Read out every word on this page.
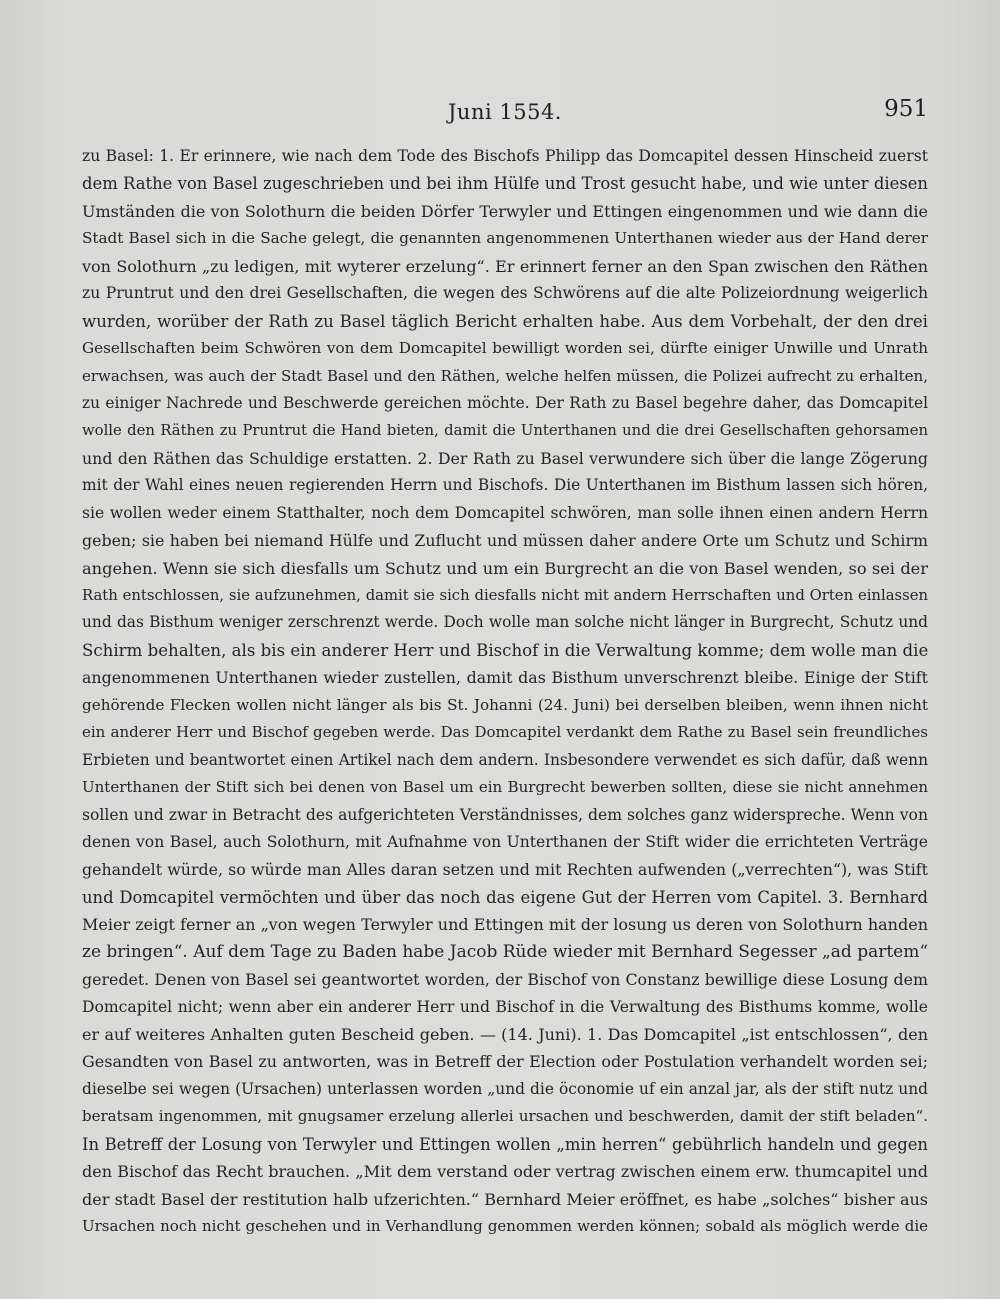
Juni 1554.	951
zu Basel: 1. Er erinnere, wie nach dem Tode des Bischofs Philipp das Domcapitel dessen Hinscheid zuerst
dem Rathe von Basel zugeschrieben und bei ihm Hülfe und Trost gesucht habe, und wie unter diesen
Umständen die von Solothurn die beiden Dörfer Terwyler und Ettingen eingenommen und wie dann die
Stadt Basel sich in die Sache gelegt, die genannten angenommenen Unterthanen wieder aus der Hand derer
von Solothurn „zu ledigen, mit wyterer erzelung“. Er erinnert ferner an den Span zwischen den Räthen
zu Pruntrut und den drei Gesellschaften, die wegen des Schwörens auf die alte Polizeiordnung weigerlich
wurden, worüber der Rath zu Basel täglich Bericht erhalten habe. Aus dem Vorbehalt, der den drei
Gesellschaften beim Schwören von dem Domcapitel bewilligt worden sei, dürfte einiger Unwille und Unrath
erwachsen, was auch der Stadt Basel und den Räthen, welche helfen müssen, die Polizei aufrecht zu erhalten,
zu einiger Nachrede und Beschwerde gereichen möchte. Der Rath zu Basel begehre daher, das Domcapitel
wolle den Räthen zu Pruntrut die Hand bieten, damit die Unterthanen und die drei Gesellschaften gehorsamen
und den Räthen das Schuldige erstatten. 2. Der Rath zu Basel verwundere sich über die lange Zögerung
mit der Wahl eines neuen regierenden Herrn und Bischofs. Die Unterthanen im Bisthum lassen sich hören,
sie wollen weder einem Statthalter, noch dem Domcapitel schwören, man solle ihnen einen andern Herrn
geben; sie haben bei niemand Hülfe und Zuflucht und müssen daher andere Orte um Schutz und Schirm
angehen. Wenn sie sich diesfalls um Schutz und um ein Burgrecht an die von Basel wenden, so sei der
Rath entschlossen, sie aufzunehmen, damit sie sich diesfalls nicht mit andern Herrschaften und Orten einlassen
und das Bisthum weniger zerschrenzt werde. Doch wolle man solche nicht länger in Burgrecht, Schutz und
Schirm behalten, als bis ein anderer Herr und Bischof in die Verwaltung komme; dem wolle man die
angenommenen Unterthanen wieder zustellen, damit das Bisthum unverschrenzt bleibe. Einige der Stift
gehörende Flecken wollen nicht länger als bis St. Johanni (24. Juni) bei derselben bleiben, wenn ihnen nicht
ein anderer Herr und Bischof gegeben werde. Das Domcapitel verdankt dem Rathe zu Basel sein freundliches
Erbieten und beantwortet einen Artikel nach dem andern. Insbesondere verwendet es sich dafür, daß wenn
Unterthanen der Stift sich bei denen von Basel um ein Burgrecht bewerben sollten, diese sie nicht annehmen
sollen und zwar in Betracht des aufgerichteten Verständnisses, dem solches ganz widerspreche. Wenn von
denen von Basel, auch Solothurn, mit Aufnahme von Unterthanen der Stift wider die errichteten Verträge
gehandelt würde, so würde man Alles daran setzen und mit Rechten aufwenden („verrechten“), was Stift
und Domcapitel vermöchten und über das noch das eigene Gut der Herren vom Capitel. 3. Bernhard
Meier zeigt ferner an „von wegen Terwyler und Ettingen mit der losung us deren von Solothurn handen
ze bringen“. Auf dem Tage zu Baden habe Jacob Rüde wieder mit Bernhard Segesser „ad partem“
geredet. Denen von Basel sei geantwortet worden, der Bischof von Constanz bewillige diese Losung dem
Domcapitel nicht; wenn aber ein anderer Herr und Bischof in die Verwaltung des Bisthums komme, wolle
er auf weiteres Anhalten guten Bescheid geben. — (14. Juni). 1. Das Domcapitel „ist entschlossen“, den
Gesandten von Basel zu antworten, was in Betreff der Election oder Postulation verhandelt worden sei;
dieselbe sei wegen (Ursachen) unterlassen worden „und die öconomie uf ein anzal jar, als der stift nutz und
beratsam ingenommen, mit gnugsamer erzelung allerlei ursachen und beschwerden, damit der stift beladen“.
In Betreff der Losung von Terwyler und Ettingen wollen „min herren“ gebührlich handeln und gegen
den Bischof das Recht brauchen. „Mit dem verstand oder vertrag zwischen einem erw. thumcapitel und
der stadt Basel der restitution halb ufzerichten.“ Bernhard Meier eröffnet, es habe „solches“ bisher aus
Ursachen noch nicht geschehen und in Verhandlung genommen werden können; sobald als möglich werde die
